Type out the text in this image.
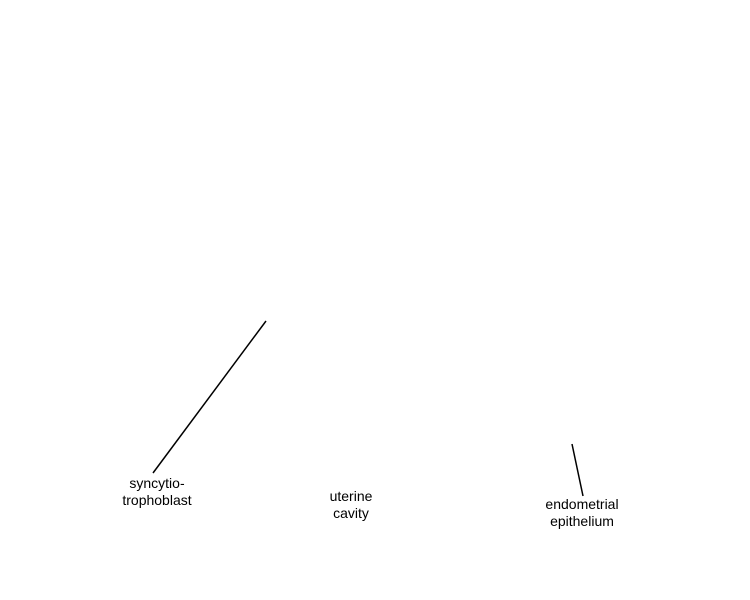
syncytio-
trophoblast	uterine
cavity
endometrial
epithelium
